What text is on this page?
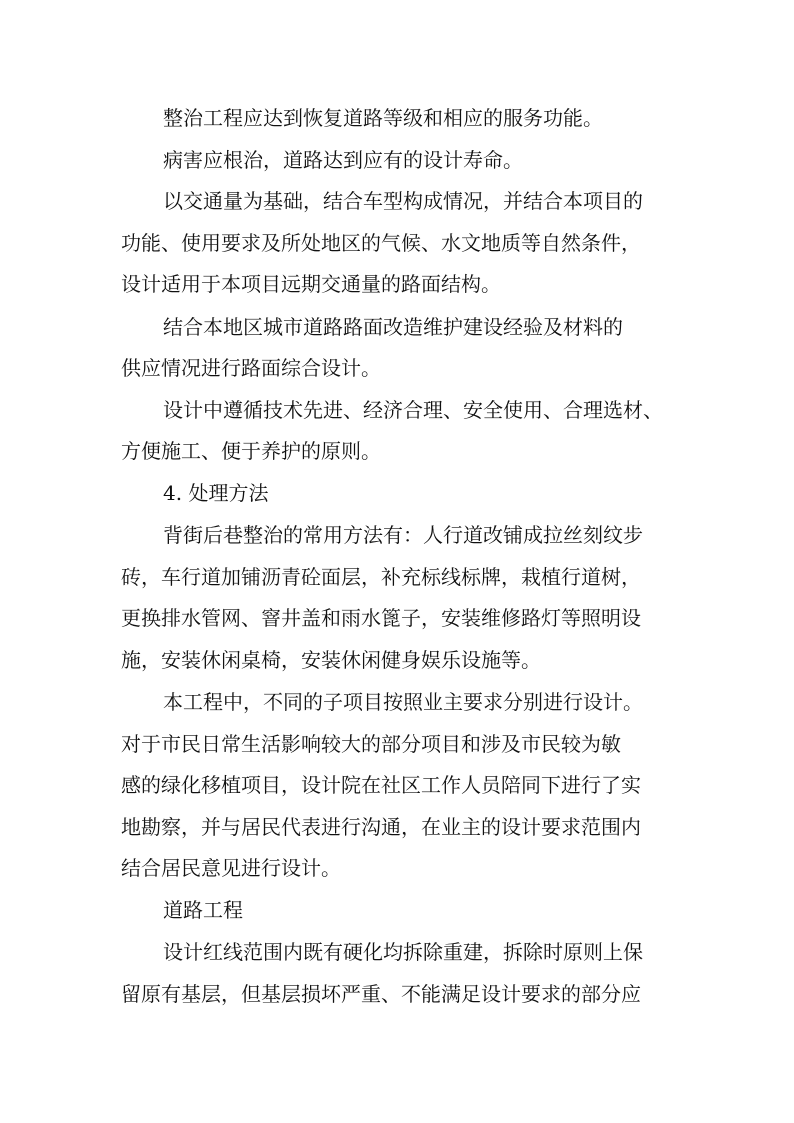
整治工程应达到恢复道路等级和相应的服务功能。
病害应根治，道路达到应有的设计寿命。
以交通量为基础，结合车型构成情况，并结合本项目的
功能、使用要求及所处地区的气候、水文地质等自然条件，
设计适用于本项目远期交通量的路面结构。
结合本地区城市道路路面改造维护建设经验及材料的
供应情况进行路面综合设计。
设计中遵循技术先进、经济合理、安全使用、合理选材、
方便施工、便于养护的原则。
4. 处理方法
背街后巷整治的常用方法有：人行道改铺成拉丝刻纹步
砖，车行道加铺沥青砼面层，补充标线标牌，栽植行道树，
更换排水管网、窨井盖和雨水篦子，安装维修路灯等照明设
施，安装休闲桌椅，安装休闲健身娱乐设施等。
本工程中，不同的子项目按照业主要求分别进行设计。
对于市民日常生活影响较大的部分项目和涉及市民较为敏
感的绿化移植项目，设计院在社区工作人员陪同下进行了实
地勘察，并与居民代表进行沟通，在业主的设计要求范围内
结合居民意见进行设计。
道路工程
设计红线范围内既有硬化均拆除重建，拆除时原则上保
留原有基层，但基层损坏严重、不能满足设计要求的部分应
